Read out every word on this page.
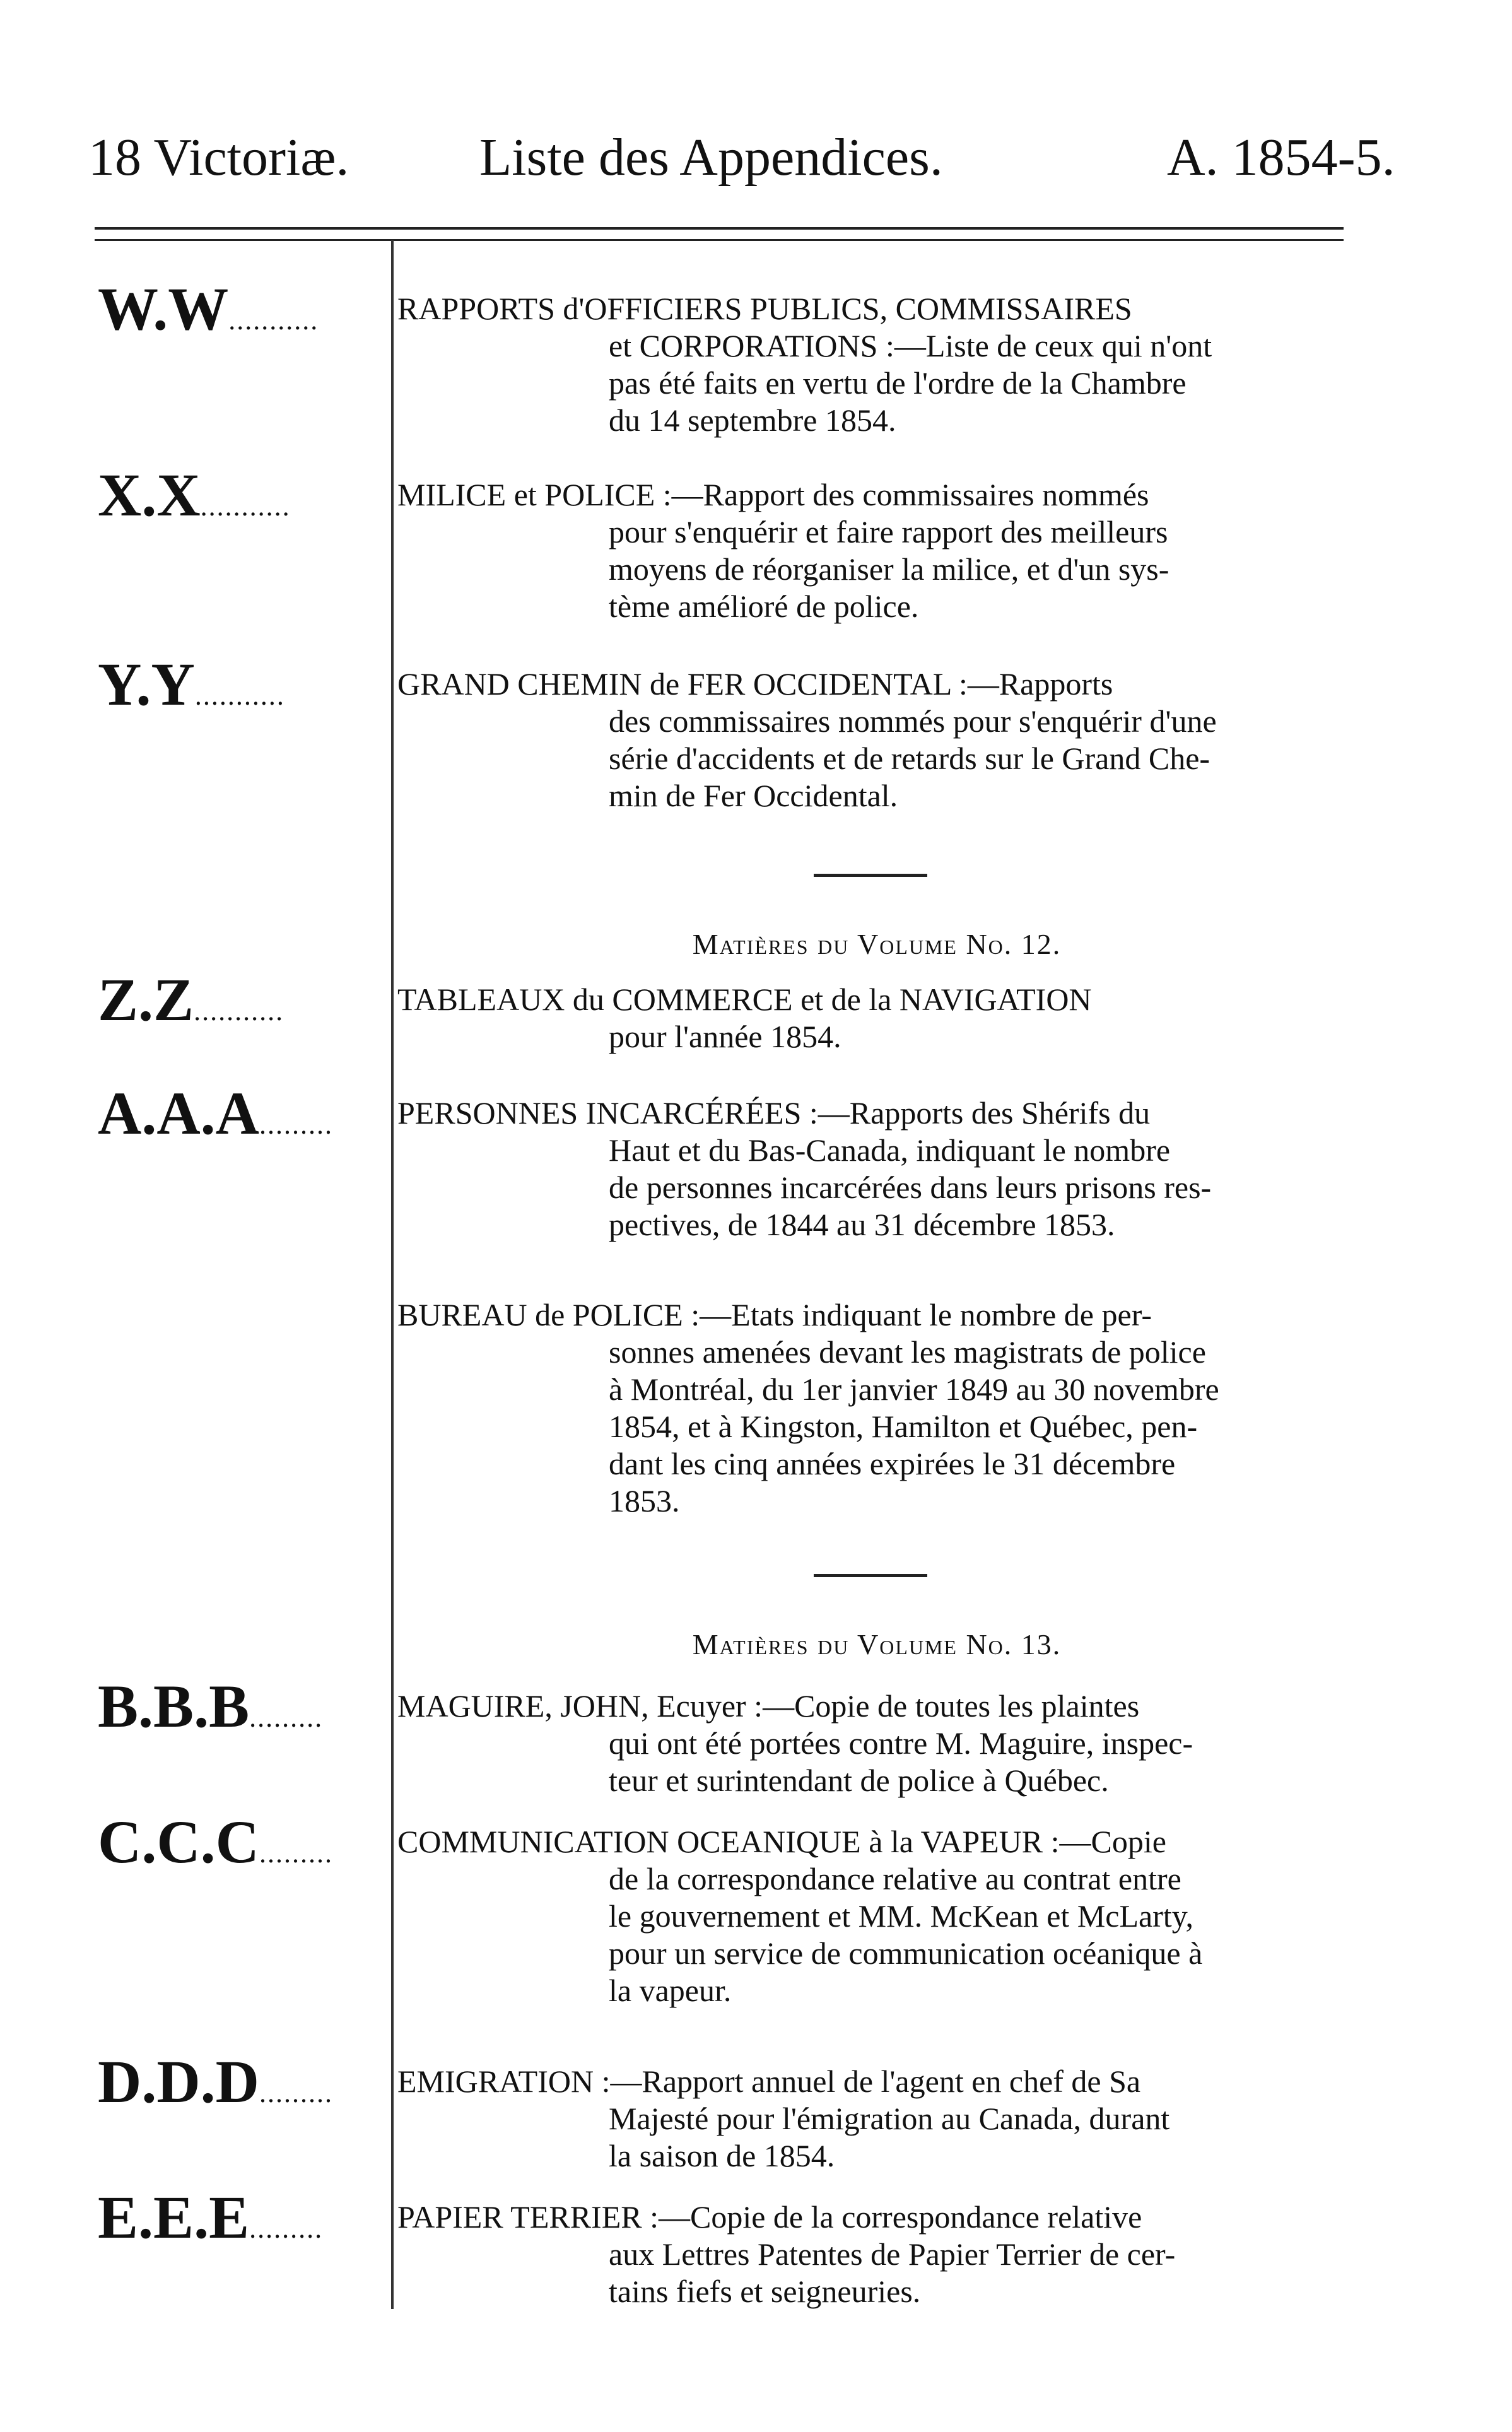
18 Victoriæ. Liste des Appendices.	A. 1854-5.
W.W...........	RAPPORTS d'OFFICIERS PUBLICS, COMMISSAIRES
et CORPORATIONS :—Liste de ceux qui n'ont
pas été faits en vertu de l'ordre de la Chambre
du 14 septembre 1854.
X.X...........	MILICE et POLICE :—Rapport des commissaires nommés
pour s'enquérir et faire rapport des meilleurs
moyens de réorganiser la milice, et d'un sys-
tème amélioré de police.
Y.Y...........	GRAND CHEMIN de FER OCCIDENTAL :—Rapports
des commissaires nommés pour s'enquérir d'une
série d'accidents et de retards sur le Grand Che-
min de Fer Occidental.
Matières du Volume No. 12.
Z.Z...........	TABLEAUX du COMMERCE et de la NAVIGATION
pour l'année 1854.
A.A.A.........	PERSONNES INCARCÉRÉES :—Rapports des Shérifs du
Haut et du Bas-Canada, indiquant le nombre
de personnes incarcérées dans leurs prisons res-
pectives, de 1844 au 31 décembre 1853.
BUREAU de POLICE :—Etats indiquant le nombre de per-
sonnes amenées devant les magistrats de police
à Montréal, du 1er janvier 1849 au 30 novembre
1854, et à Kingston, Hamilton et Québec, pen-
dant les cinq années expirées le 31 décembre
1853.
Matières du Volume No. 13.
B.B.B.........	MAGUIRE, JOHN, Ecuyer :—Copie de toutes les plaintes
qui ont été portées contre M. Maguire, inspec-
teur et surintendant de police à Québec.
C.C.C.........	COMMUNICATION OCEANIQUE à la VAPEUR :—Copie
de la correspondance relative au contrat entre
le gouvernement et MM. McKean et McLarty,
pour un service de communication océanique à
la vapeur.
D.D.D.........	EMIGRATION :—Rapport annuel de l'agent en chef de Sa
Majesté pour l'émigration au Canada, durant
la saison de 1854.
E.E.E.........	PAPIER TERRIER :—Copie de la correspondance relative
aux Lettres Patentes de Papier Terrier de cer-
tains fiefs et seigneuries.
